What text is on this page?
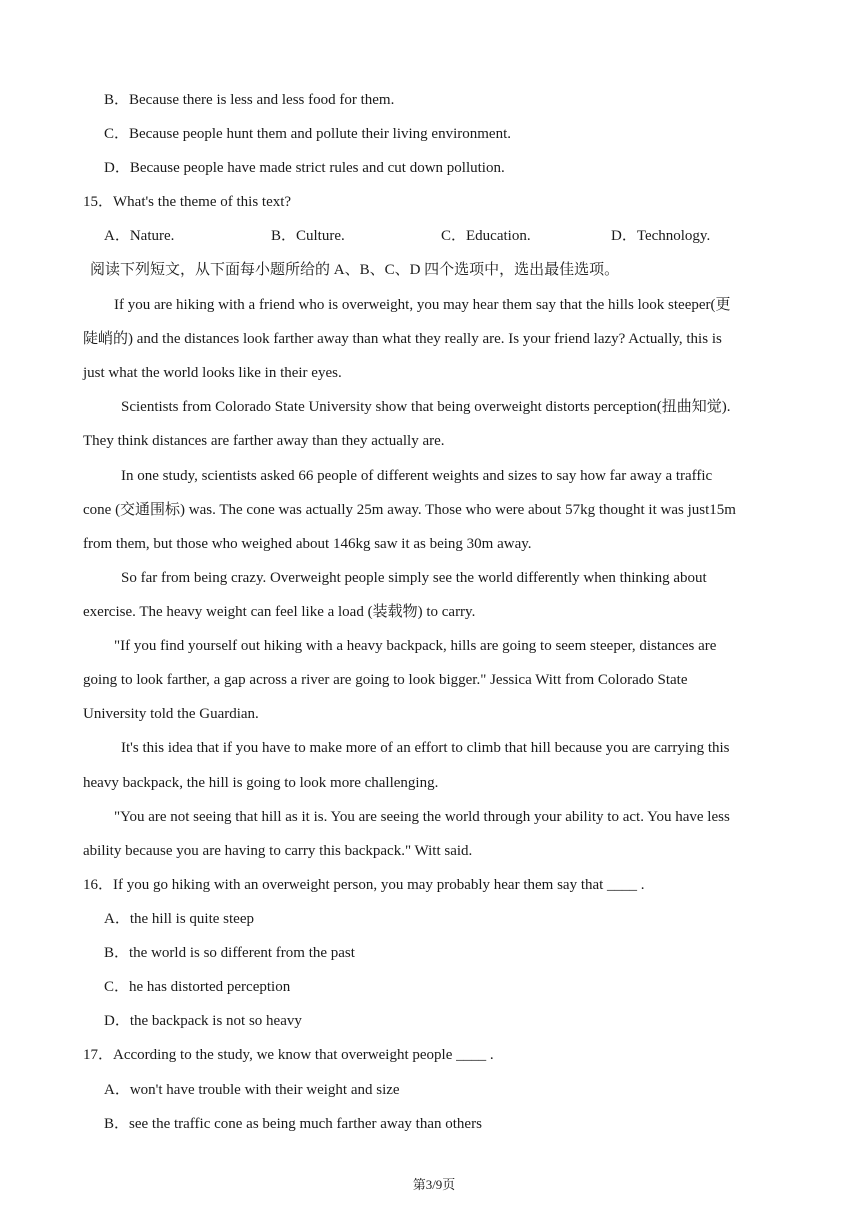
B．Because there is less and less food for them.
C．Because people hunt them and pollute their living environment.
D．Because people have made strict rules and cut down pollution.
15．What's the theme of this text?
A．Nature.	B．Culture.	C．Education.	D．Technology.
阅读下列短文，从下面每小题所给的 A、B、C、D 四个选项中，选出最佳选项。
If you are hiking with a friend who is overweight, you may hear them say that the hills look steeper(更
陡峭的) and the distances look farther away than what they really are. Is your friend lazy? Actually, this is
just what the world looks like in their eyes.
Scientists from Colorado State University show that being overweight distorts perception(扭曲知觉).
They think distances are farther away than they actually are.
In one study, scientists asked 66 people of different weights and sizes to say how far away a traffic
cone (交通围标) was. The cone was actually 25m away. Those who were about 57kg thought it was just15m
from them, but those who weighed about 146kg saw it as being 30m away.
So far from being crazy. Overweight people simply see the world differently when thinking about
exercise. The heavy weight can feel like a load (装载物) to carry.
"If you find yourself out hiking with a heavy backpack, hills are going to seem steeper, distances are
going to look farther, a gap across a river are going to look bigger." Jessica Witt from Colorado State
University told the Guardian.
It's this idea that if you have to make more of an effort to climb that hill because you are carrying this
heavy backpack, the hill is going to look more challenging.
"You are not seeing that hill as it is. You are seeing the world through your ability to act. You have less
ability because you are having to carry this backpack." Witt said.
16．If you go hiking with an overweight person, you may probably hear them say that ____ .
A．the hill is quite steep
B．the world is so different from the past
C．he has distorted perception
D．the backpack is not so heavy
17．According to the study, we know that overweight people ____ .
A．won't have trouble with their weight and size
B．see the traffic cone as being much farther away than others
第3/9页
